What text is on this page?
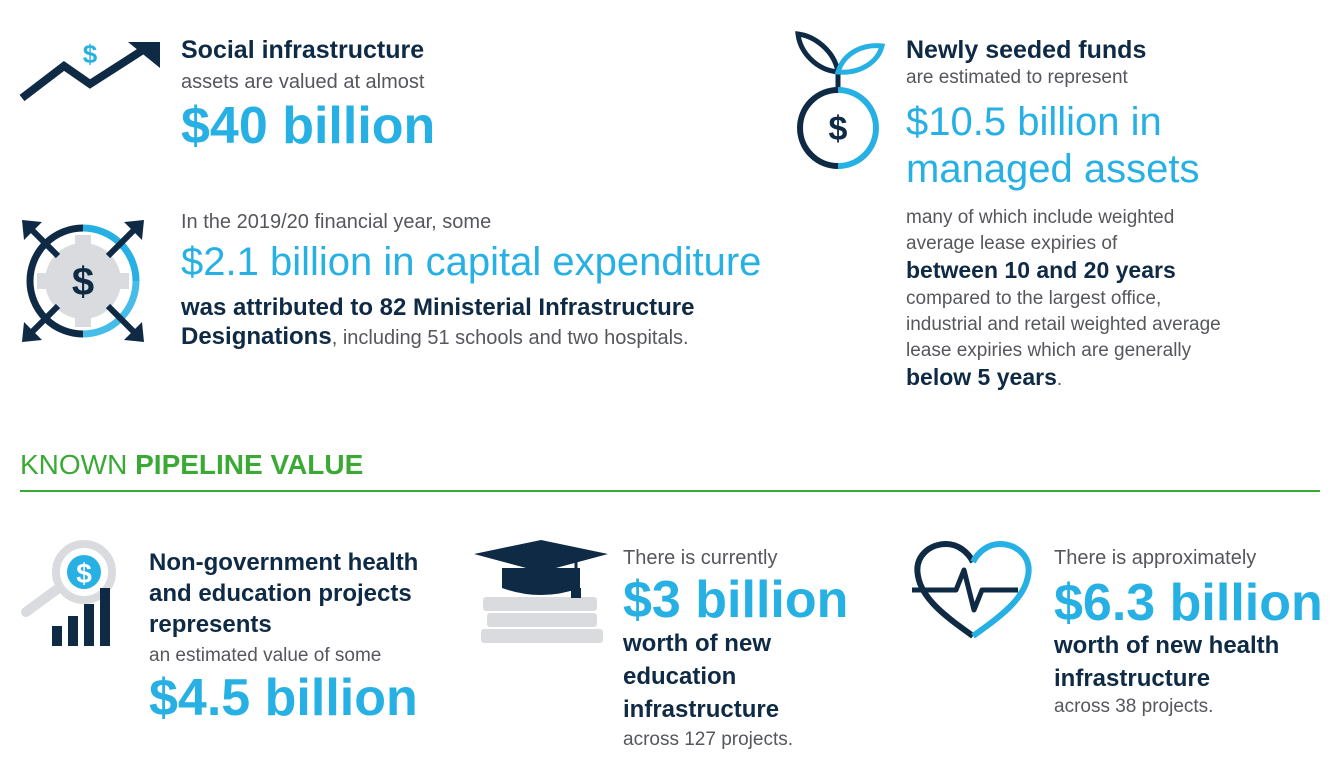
$
$
$
$
Social infrastructure
assets are valued at almost
$40 billion
In the 2019/20 financial year, some
$2.1 billion in capital expenditure
was attributed to 82 Ministerial Infrastructure Designations, including 51 schools and two hospitals.
Newly seeded funds
are estimated to represent
$10.5 billion in managed assets
many of which include weighted average lease expiries of
between 10 and 20 years
compared to the largest office, industrial and retail weighted average lease expiries which are generally below 5 years.
KNOWN PIPELINE VALUE
Non-government health and education projects represents
an estimated value of some
$4.5 billion
There is currently
$3 billion
worth of new education infrastructure
across 127 projects.
There is approximately
$6.3 billion
worth of new health infrastructure
across 38 projects.
